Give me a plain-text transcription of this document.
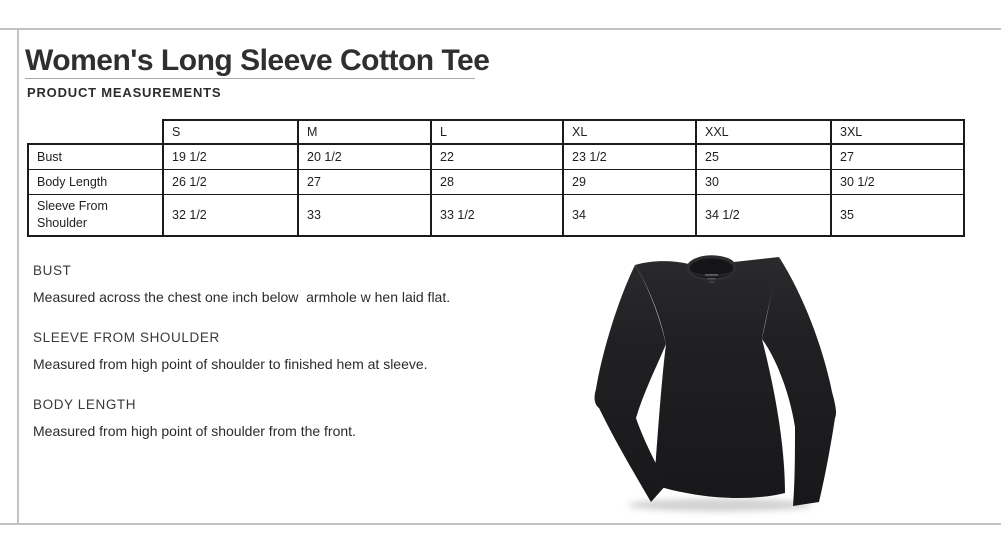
Women's Long Sleeve Cotton Tee
PRODUCT MEASUREMENTS
	S	M	L	XL	XXL	3XL
Bust	19 1/2	20 1/2	22	23 1/2	25	27
Body Length	26 1/2	27	28	29	30	30 1/2
Sleeve From Shoulder	32 1/2	33	33 1/2	34	34 1/2	35
BUST

Measured across the chest one inch below  armhole w hen laid flat.

SLEEVE FROM SHOULDER

Measured from high point of shoulder to finished hem at sleeve.

BODY LENGTH

Measured from high point of shoulder from the front.
